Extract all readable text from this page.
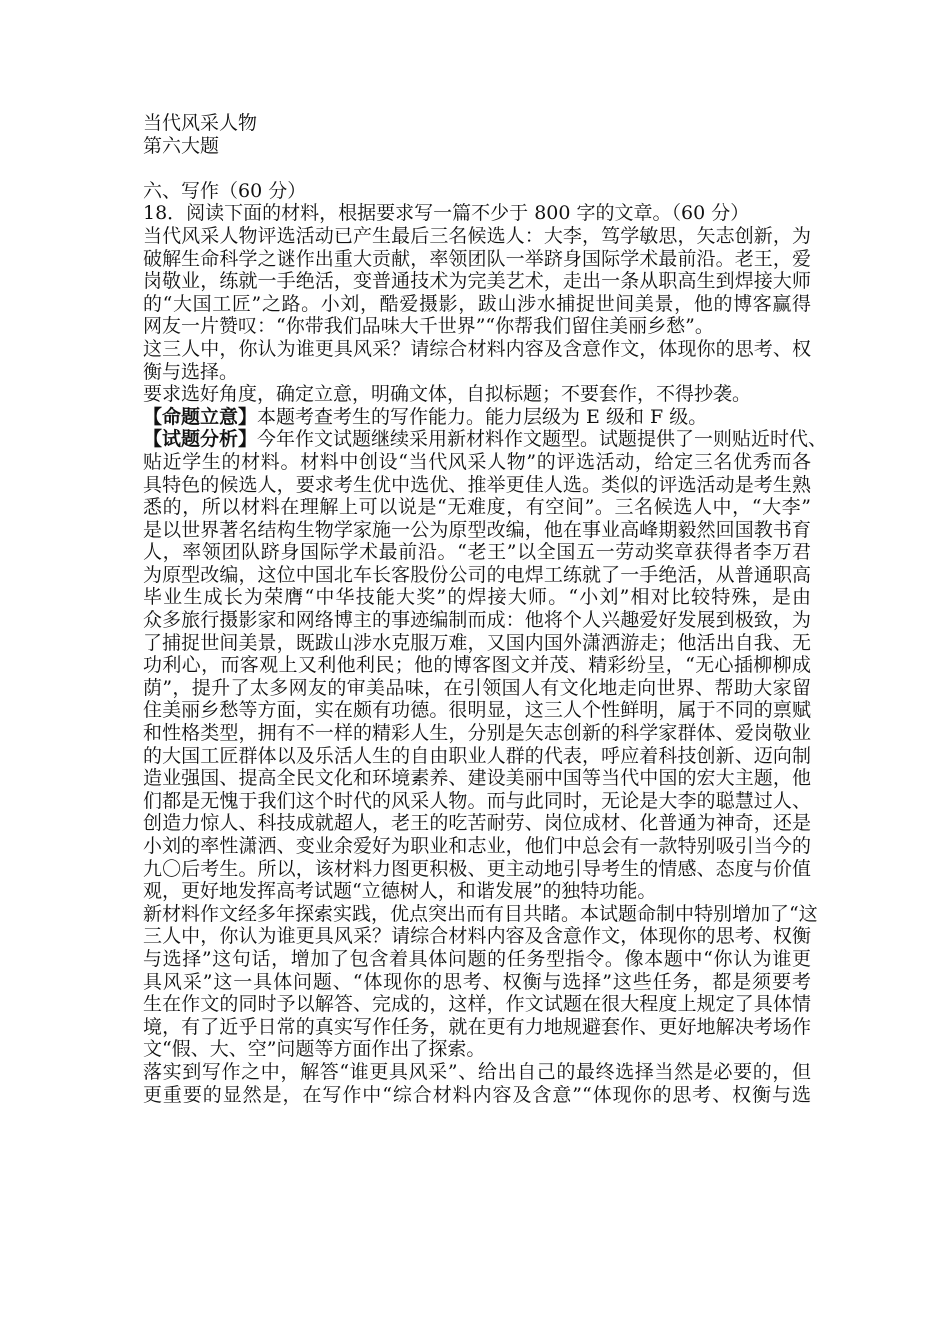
当代风采人物
第六大题
六、写作（60 分）
18．阅读下面的材料，根据要求写一篇不少于 800 字的文章。（60 分）
当代风采人物评选活动已产生最后三名候选人：大李，笃学敏思，矢志创新，为
破解生命科学之谜作出重大贡献，率领团队一举跻身国际学术最前沿。老王，爱
岗敬业，练就一手绝活，变普通技术为完美艺术，走出一条从职高生到焊接大师
的“大国工匠”之路。小刘，酷爱摄影，跋山涉水捕捉世间美景，他的博客赢得
网友一片赞叹：“你带我们品味大千世界”“你帮我们留住美丽乡愁”。
这三人中，你认为谁更具风采？请综合材料内容及含意作文，体现你的思考、权
衡与选择。
要求选好角度，确定立意，明确文体，自拟标题；不要套作，不得抄袭。
【命题立意】本题考查考生的写作能力。能力层级为 E 级和 F 级。
【试题分析】今年作文试题继续采用新材料作文题型。试题提供了一则贴近时代、
贴近学生的材料。材料中创设“当代风采人物”的评选活动，给定三名优秀而各
具特色的候选人，要求考生优中选优、推举更佳人选。类似的评选活动是考生熟
悉的，所以材料在理解上可以说是“无难度，有空间”。三名候选人中，“大李”
是以世界著名结构生物学家施一公为原型改编，他在事业高峰期毅然回国教书育
人，率领团队跻身国际学术最前沿。“老王”以全国五一劳动奖章获得者李万君
为原型改编，这位中国北车长客股份公司的电焊工练就了一手绝活，从普通职高
毕业生成长为荣膺“中华技能大奖”的焊接大师。“小刘”相对比较特殊，是由
众多旅行摄影家和网络博主的事迹编制而成：他将个人兴趣爱好发展到极致，为
了捕捉世间美景，既跋山涉水克服万难，又国内国外潇洒游走；他活出自我、无
功利心，而客观上又利他利民；他的博客图文并茂、精彩纷呈，“无心插柳柳成
荫”，提升了太多网友的审美品味，在引领国人有文化地走向世界、帮助大家留
住美丽乡愁等方面，实在颇有功德。很明显，这三人个性鲜明，属于不同的禀赋
和性格类型，拥有不一样的精彩人生，分别是矢志创新的科学家群体、爱岗敬业
的大国工匠群体以及乐活人生的自由职业人群的代表，呼应着科技创新、迈向制
造业强国、提高全民文化和环境素养、建设美丽中国等当代中国的宏大主题，他
们都是无愧于我们这个时代的风采人物。而与此同时，无论是大李的聪慧过人、
创造力惊人、科技成就超人，老王的吃苦耐劳、岗位成材、化普通为神奇，还是
小刘的率性潇洒、变业余爱好为职业和志业，他们中总会有一款特别吸引当今的
九〇后考生。所以，该材料力图更积极、更主动地引导考生的情感、态度与价值
观，更好地发挥高考试题“立德树人，和谐发展”的独特功能。
新材料作文经多年探索实践，优点突出而有目共睹。本试题命制中特别增加了“这
三人中，你认为谁更具风采？请综合材料内容及含意作文，体现你的思考、权衡
与选择”这句话，增加了包含着具体问题的任务型指令。像本题中“你认为谁更
具风采”这一具体问题、“体现你的思考、权衡与选择”这些任务，都是须要考
生在作文的同时予以解答、完成的，这样，作文试题在很大程度上规定了具体情
境，有了近乎日常的真实写作任务，就在更有力地规避套作、更好地解决考场作
文“假、大、空”问题等方面作出了探索。
落实到写作之中，解答“谁更具风采”、给出自己的最终选择当然是必要的，但
更重要的显然是，在写作中“综合材料内容及含意”“体现你的思考、权衡与选
